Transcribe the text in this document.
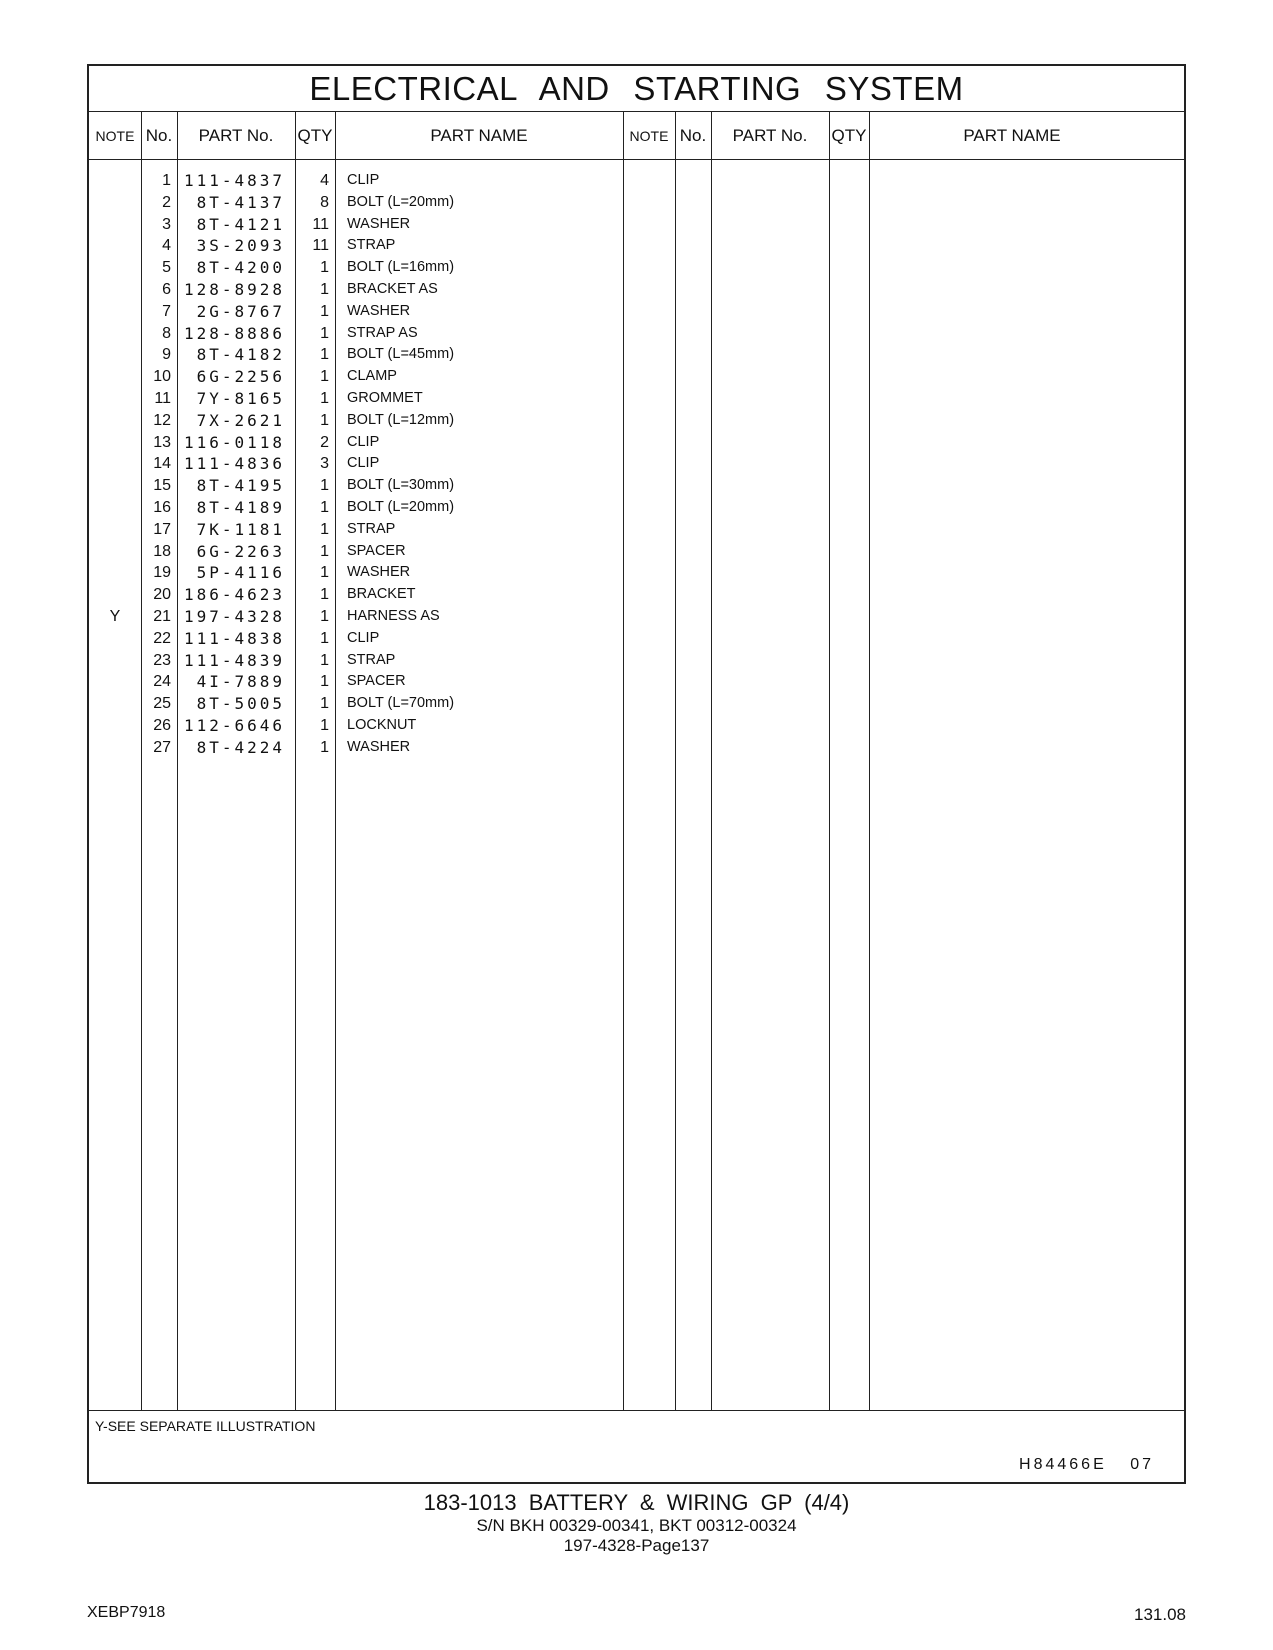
ELECTRICAL AND STARTING SYSTEM
NOTE No.	PART No.	QTY	PART NAME	NOTE No.	PART No.	QTY	PART NAME
1 111-4837	4 CLIP
2	8T-4137	8 BOLT (L=20mm)
3	8T-4121	11 WASHER
4	3S-2093	11 STRAP
5	8T-4200	1 BOLT (L=16mm)
6 128-8928	1 BRACKET AS
7	2G-8767	1 WASHER
8 128-8886	1 STRAP AS
9	8T-4182	1 BOLT (L=45mm)
10	6G-2256	1 CLAMP
11	7Y-8165	1 GROMMET
12	7X-2621	1 BOLT (L=12mm)
13 116-0118	2 CLIP
14 111-4836	3 CLIP
15	8T-4195	1 BOLT (L=30mm)
16	8T-4189	1 BOLT (L=20mm)
17	7K-1181	1 STRAP
18	6G-2263	1 SPACER
19	5P-4116	1 WASHER
20 186-4623	1 BRACKET
Y	21 197-4328	1 HARNESS AS
22 111-4838	1 CLIP
23 111-4839	1 STRAP
24	4I-7889	1 SPACER
25	8T-5005	1 BOLT (L=70mm)
26 112-6646	1 LOCKNUT
27	8T-4224	1 WASHER
Y-SEE SEPARATE ILLUSTRATION
H84466E 07
183-1013 BATTERY & WIRING GP (4/4)
S/N BKH 00329-00341, BKT 00312-00324
197-4328-Page137
XEBP7918	131.08
